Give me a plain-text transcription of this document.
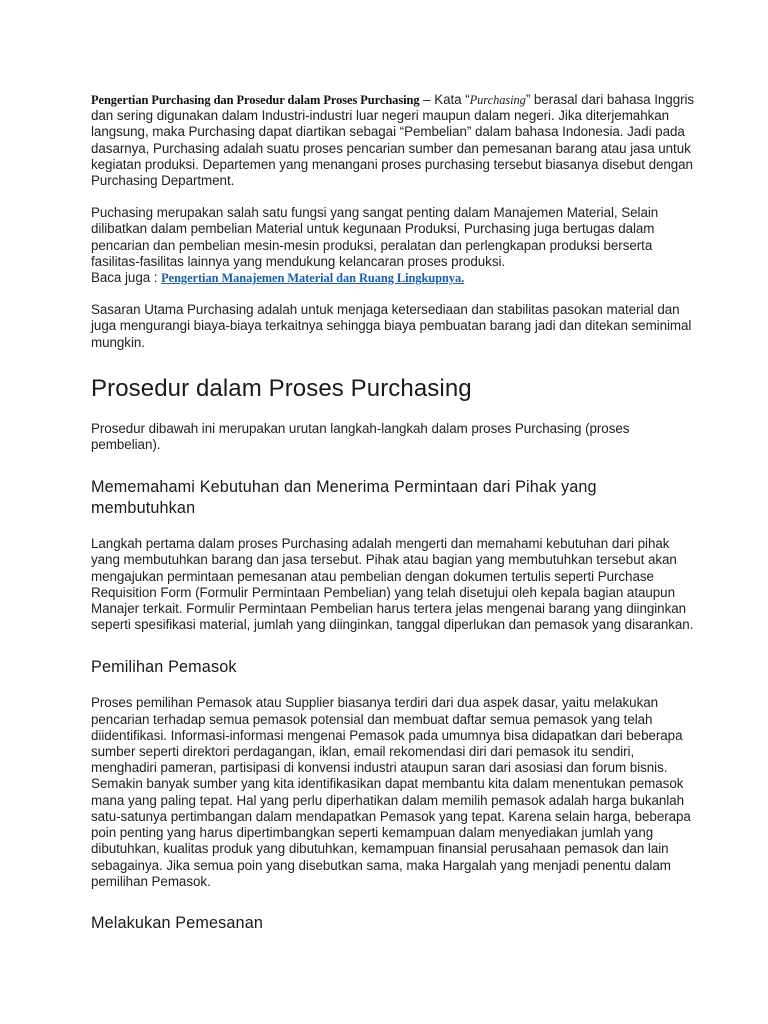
Pengertian Purchasing dan Prosedur dalam Proses Purchasing – Kata “Purchasing” berasal dari bahasa Inggris dan sering digunakan dalam Industri-industri luar negeri maupun dalam negeri. Jika diterjemahkan langsung, maka Purchasing dapat diartikan sebagai “Pembelian” dalam bahasa Indonesia. Jadi pada dasarnya, Purchasing adalah suatu proses pencarian sumber dan pemesanan barang atau jasa untuk kegiatan produksi. Departemen yang menangani proses purchasing tersebut biasanya disebut dengan Purchasing Department.

Puchasing merupakan salah satu fungsi yang sangat penting dalam Manajemen Material, Selain dilibatkan dalam pembelian Material untuk kegunaan Produksi, Purchasing juga bertugas dalam pencarian dan pembelian mesin-mesin produksi, peralatan dan perlengkapan produksi berserta fasilitas-fasilitas lainnya yang mendukung kelancaran proses produksi.
Baca juga : Pengertian Manajemen Material dan Ruang Lingkupnya.

Sasaran Utama Purchasing adalah untuk menjaga ketersediaan dan stabilitas pasokan material dan juga mengurangi biaya-biaya terkaitnya sehingga biaya pembuatan barang jadi dan ditekan seminimal mungkin.

Prosedur dalam Proses Purchasing

Prosedur dibawah ini merupakan urutan langkah-langkah dalam proses Purchasing (proses pembelian).

Mememahami Kebutuhan dan Menerima Permintaan dari Pihak yang membutuhkan

Langkah pertama dalam proses Purchasing adalah mengerti dan memahami kebutuhan dari pihak yang membutuhkan barang dan jasa tersebut. Pihak atau bagian yang membutuhkan tersebut akan mengajukan permintaan pemesanan atau pembelian dengan dokumen tertulis seperti Purchase Requisition Form (Formulir Permintaan Pembelian) yang telah disetujui oleh kepala bagian ataupun Manajer terkait. Formulir Permintaan Pembelian harus tertera jelas mengenai barang yang diinginkan seperti spesifikasi material, jumlah yang diinginkan, tanggal diperlukan dan pemasok yang disarankan.

Pemilihan Pemasok

Proses pemilihan Pemasok atau Supplier biasanya terdiri dari dua aspek dasar, yaitu melakukan pencarian terhadap semua pemasok potensial dan membuat daftar semua pemasok yang telah diidentifikasi. Informasi-informasi mengenai Pemasok pada umumnya bisa didapatkan dari beberapa sumber seperti direktori perdagangan, iklan, email rekomendasi diri dari pemasok itu sendiri, menghadiri pameran, partisipasi di konvensi industri ataupun saran dari asosiasi dan forum bisnis. Semakin banyak sumber yang kita identifikasikan dapat membantu kita dalam menentukan pemasok mana yang paling tepat. Hal yang perlu diperhatikan dalam memilih pemasok adalah harga bukanlah satu-satunya pertimbangan dalam mendapatkan Pemasok yang tepat. Karena selain harga, beberapa poin penting yang harus dipertimbangkan seperti kemampuan dalam menyediakan jumlah yang dibutuhkan, kualitas produk yang dibutuhkan, kemampuan finansial perusahaan pemasok dan lain sebagainya. Jika semua poin yang disebutkan sama, maka Hargalah yang menjadi penentu dalam pemilihan Pemasok.

Melakukan Pemesanan
